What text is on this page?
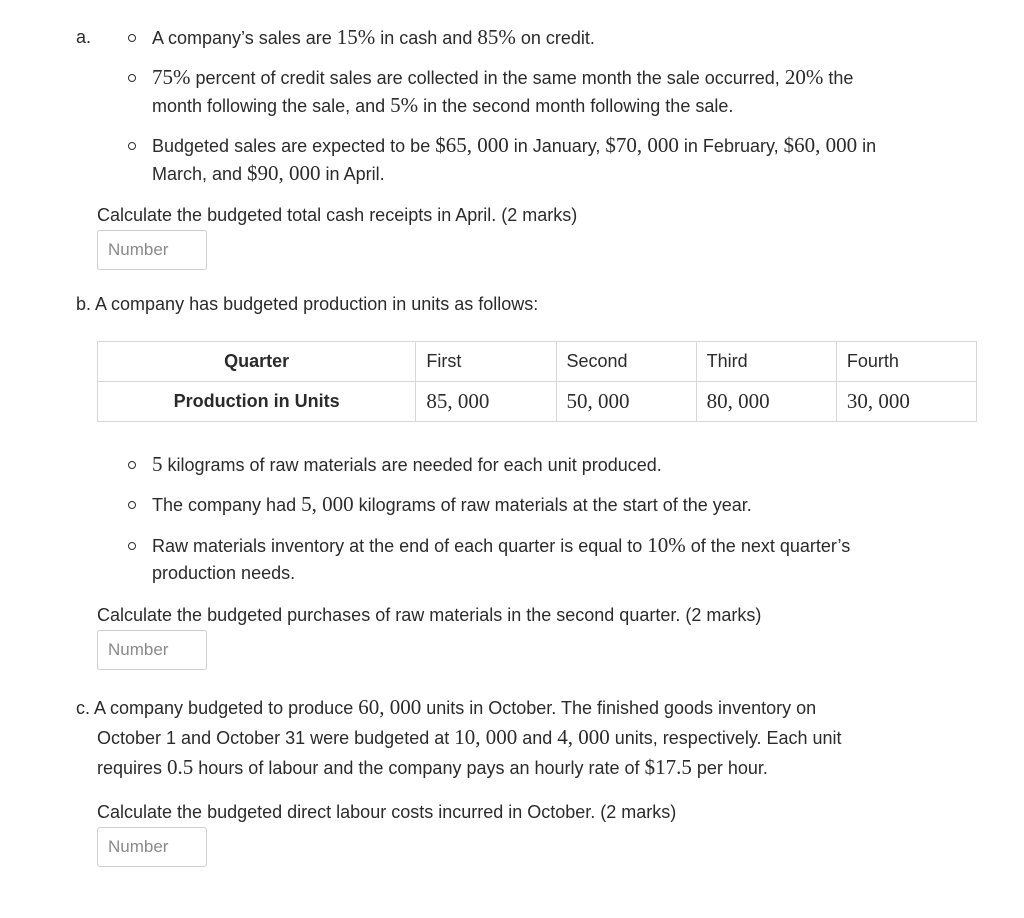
a.	A company’s sales are 15% in cash and 85% on credit.
75% percent of credit sales are collected in the same month the sale occurred, 20% the
month following the sale, and 5% in the second month following the sale.
Budgeted sales are expected to be $65, 000 in January, $70, 000 in February, $60, 000 in
March, and $90, 000 in April.
Calculate the budgeted total cash receipts in April. (2 marks)
Number
b. A company has budgeted production in units as follows:
Quarter	First	Second	Third	Fourth
Production in Units	85, 000	50, 000	80, 000	30, 000
5 kilograms of raw materials are needed for each unit produced.
The company had 5, 000 kilograms of raw materials at the start of the year.
Raw materials inventory at the end of each quarter is equal to 10% of the next quarter’s
production needs.
Calculate the budgeted purchases of raw materials in the second quarter. (2 marks)
Number
c. A company budgeted to produce 60, 000 units in October. The finished goods inventory on
October 1 and October 31 were budgeted at 10, 000 and 4, 000 units, respectively. Each unit
requires 0.5 hours of labour and the company pays an hourly rate of $17.5 per hour.
Calculate the budgeted direct labour costs incurred in October. (2 marks)
Number
